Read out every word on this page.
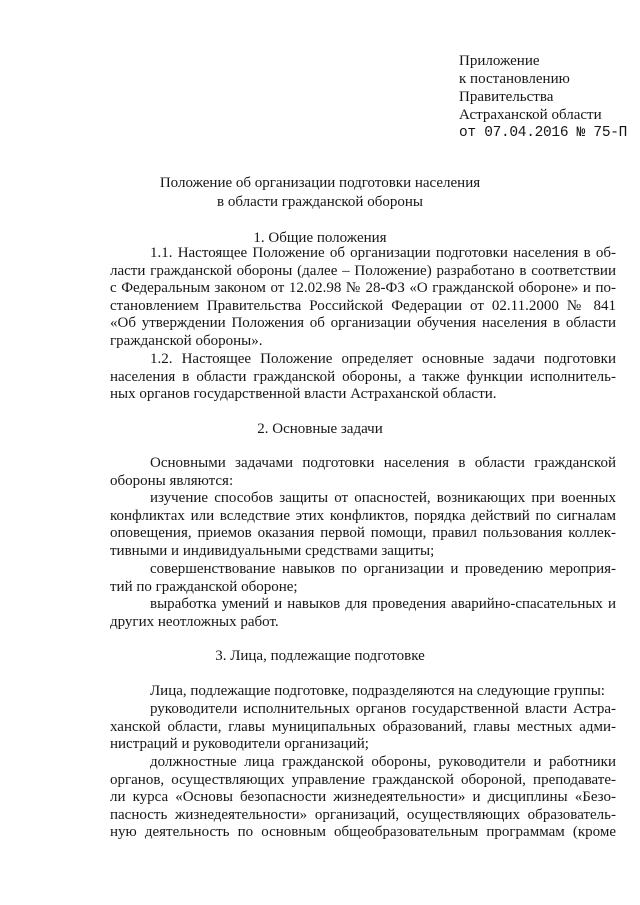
Приложение
к постановлению
Правительства
Астраханской области
от 07.04.2016 № 75-П
Положение об организации подготовки населения
в области гражданской обороны
1. Общие положения
1.1. Настоящее Положение об организации подготовки населения в об-
ласти гражданской обороны (далее – Положение) разработано в соответствии
с Федеральным законом от 12.02.98 № 28-ФЗ «О гражданской обороне» и по-
становлением Правительства Российской Федерации от 02.11.2000 № 841
«Об утверждении Положения об организации обучения населения в области
гражданской обороны».
1.2. Настоящее Положение определяет основные задачи подготовки
населения в области гражданской обороны, а также функции исполнитель-
ных органов государственной власти Астраханской области.
2. Основные задачи
Основными задачами подготовки населения в области гражданской
обороны являются:
изучение способов защиты от опасностей, возникающих при военных
конфликтах или вследствие этих конфликтов, порядка действий по сигналам
оповещения, приемов оказания первой помощи, правил пользования коллек-
тивными и индивидуальными средствами защиты;
совершенствование навыков по организации и проведению мероприя-
тий по гражданской обороне;
выработка умений и навыков для проведения аварийно-спасательных и
других неотложных работ.
3. Лица, подлежащие подготовке
Лица, подлежащие подготовке, подразделяются на следующие группы:
руководители исполнительных органов государственной власти Астра-
ханской области, главы муниципальных образований, главы местных адми-
нистраций и руководители организаций;
должностные лица гражданской обороны, руководители и работники
органов, осуществляющих управление гражданской обороной, преподавате-
ли курса «Основы безопасности жизнедеятельности» и дисциплины «Безо-
пасность жизнедеятельности» организаций, осуществляющих образователь-
ную деятельность по основным общеобразовательным программам (кроме
